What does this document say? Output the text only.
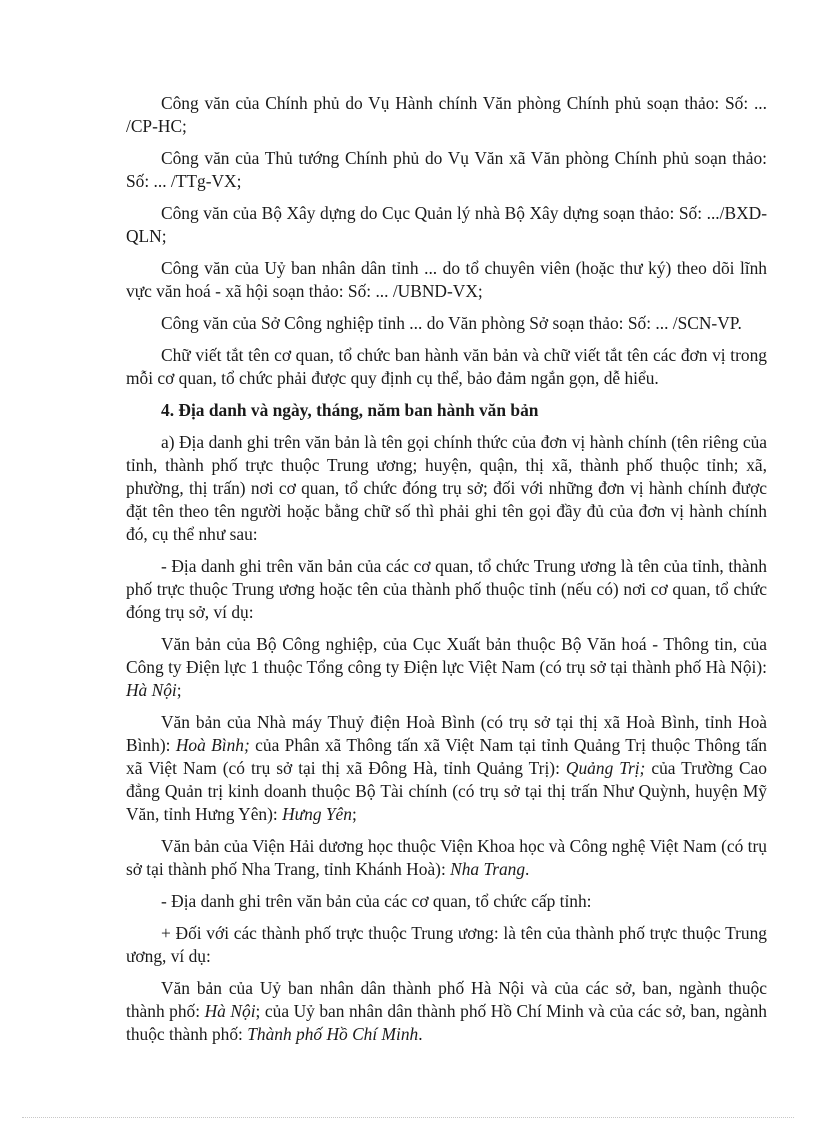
Công văn của Chính phủ do Vụ Hành chính Văn phòng Chính phủ soạn thảo: Số: ... /CP-HC;

Công văn của Thủ tướng Chính phủ do Vụ Văn xã Văn phòng Chính phủ soạn thảo: Số: ... /TTg-VX;

Công văn của Bộ Xây dựng do Cục Quản lý nhà Bộ Xây dựng soạn thảo: Số: .../BXD-QLN;

Công văn của Uỷ ban nhân dân tỉnh ... do tổ chuyên viên (hoặc thư ký) theo dõi lĩnh vực văn hoá - xã hội soạn thảo: Số: ... /UBND-VX;

Công văn của Sở Công nghiệp tỉnh ... do Văn phòng Sở soạn thảo: Số: ... /SCN-VP.

Chữ viết tắt tên cơ quan, tổ chức ban hành văn bản và chữ viết tắt tên các đơn vị trong mỗi cơ quan, tổ chức phải được quy định cụ thể, bảo đảm ngắn gọn, dễ hiểu.

4. Địa danh và ngày, tháng, năm ban hành văn bản

a) Địa danh ghi trên văn bản là tên gọi chính thức của đơn vị hành chính (tên riêng của tỉnh, thành phố trực thuộc Trung ương; huyện, quận, thị xã, thành phố thuộc tỉnh; xã, phường, thị trấn) nơi cơ quan, tổ chức đóng trụ sở; đối với những đơn vị hành chính được đặt tên theo tên người hoặc bằng chữ số thì phải ghi tên gọi đầy đủ của đơn vị hành chính đó, cụ thể như sau:

- Địa danh ghi trên văn bản của các cơ quan, tổ chức Trung ương là tên của tỉnh, thành phố trực thuộc Trung ương hoặc tên của thành phố thuộc tỉnh (nếu có) nơi cơ quan, tổ chức đóng trụ sở, ví dụ:

Văn bản của Bộ Công nghiệp, của Cục Xuất bản thuộc Bộ Văn hoá - Thông tin, của Công ty Điện lực 1 thuộc Tổng công ty Điện lực Việt Nam (có trụ sở tại thành phố Hà Nội): Hà Nội;

Văn bản của Nhà máy Thuỷ điện Hoà Bình (có trụ sở tại thị xã Hoà Bình, tỉnh Hoà Bình): Hoà Bình; của Phân xã Thông tấn xã Việt Nam tại tỉnh Quảng Trị thuộc Thông tấn xã Việt Nam (có trụ sở tại thị xã Đông Hà, tỉnh Quảng Trị): Quảng Trị; của Trường Cao đẳng Quản trị kinh doanh thuộc Bộ Tài chính (có trụ sở tại thị trấn Như Quỳnh, huyện Mỹ Văn, tỉnh Hưng Yên): Hưng Yên;

Văn bản của Viện Hải dương học thuộc Viện Khoa học và Công nghệ Việt Nam (có trụ sở tại thành phố Nha Trang, tỉnh Khánh Hoà): Nha Trang.

- Địa danh ghi trên văn bản của các cơ quan, tổ chức cấp tỉnh:

+ Đối với các thành phố trực thuộc Trung ương: là tên của thành phố trực thuộc Trung ương, ví dụ:

Văn bản của Uỷ ban nhân dân thành phố Hà Nội và của các sở, ban, ngành thuộc thành phố: Hà Nội; của Uỷ ban nhân dân thành phố Hồ Chí Minh và của các sở, ban, ngành thuộc thành phố: Thành phố Hồ Chí Minh.
